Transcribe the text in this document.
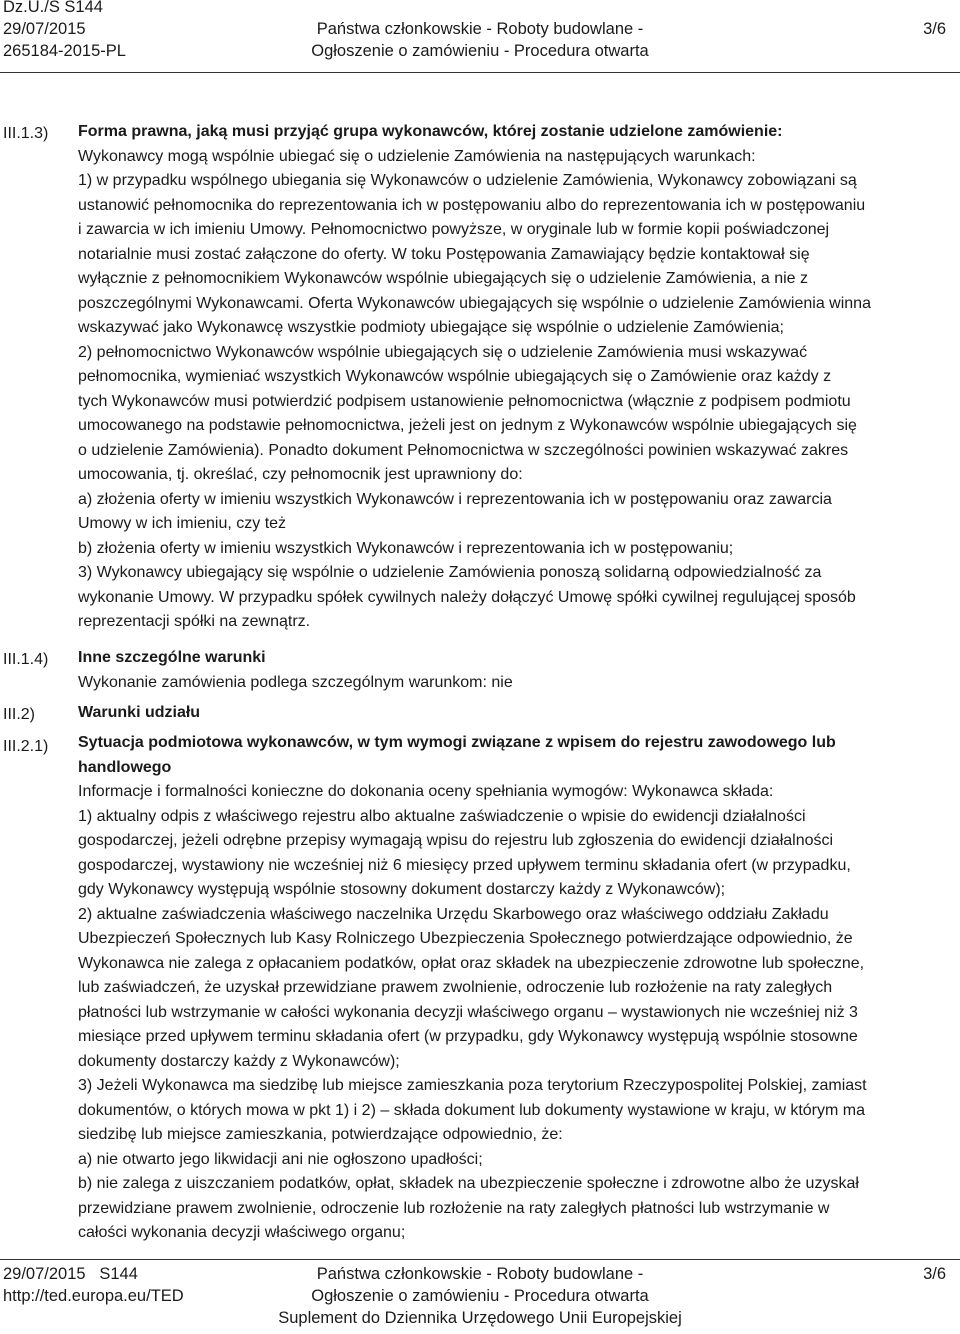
Dz.U./S S144
29/07/2015
265184-2015-PL
Państwa członkowskie - Roboty budowlane -
Ogłoszenie o zamówieniu - Procedura otwarta
3/6
III.1.3) Forma prawna, jaką musi przyjąć grupa wykonawców, której zostanie udzielone zamówienie:

Wykonawcy mogą wspólnie ubiegać się o udzielenie Zamówienia na następujących warunkach:

1) w przypadku wspólnego ubiegania się Wykonawców o udzielenie Zamówienia, Wykonawcy zobowiązani są

ustanowić pełnomocnika do reprezentowania ich w postępowaniu albo do reprezentowania ich w postępowaniu

i zawarcia w ich imieniu Umowy. Pełnomocnictwo powyższe, w oryginale lub w formie kopii poświadczonej

notarialnie musi zostać załączone do oferty. W toku Postępowania Zamawiający będzie kontaktował się

wyłącznie z pełnomocnikiem Wykonawców wspólnie ubiegających się o udzielenie Zamówienia, a nie z

poszczególnymi Wykonawcami. Oferta Wykonawców ubiegających się wspólnie o udzielenie Zamówienia winna

wskazywać jako Wykonawcę wszystkie podmioty ubiegające się wspólnie o udzielenie Zamówienia;

2) pełnomocnictwo Wykonawców wspólnie ubiegających się o udzielenie Zamówienia musi wskazywać

pełnomocnika, wymieniać wszystkich Wykonawców wspólnie ubiegających się o Zamówienie oraz każdy z

tych Wykonawców musi potwierdzić podpisem ustanowienie pełnomocnictwa (włącznie z podpisem podmiotu

umocowanego na podstawie pełnomocnictwa, jeżeli jest on jednym z Wykonawców wspólnie ubiegających się

o udzielenie Zamówienia). Ponadto dokument Pełnomocnictwa w szczególności powinien wskazywać zakres

umocowania, tj. określać, czy pełnomocnik jest uprawniony do:

a) złożenia oferty w imieniu wszystkich Wykonawców i reprezentowania ich w postępowaniu oraz zawarcia

Umowy w ich imieniu, czy też

b) złożenia oferty w imieniu wszystkich Wykonawców i reprezentowania ich w postępowaniu;

3) Wykonawcy ubiegający się wspólnie o udzielenie Zamówienia ponoszą solidarną odpowiedzialność za

wykonanie Umowy. W przypadku spółek cywilnych należy dołączyć Umowę spółki cywilnej regulującej sposób

reprezentacji spółki na zewnątrz.

III.1.4) Inne szczególne warunki

Wykonanie zamówienia podlega szczególnym warunkom: nie

III.2)	Warunki udziału

III.2.1) Sytuacja podmiotowa wykonawców, w tym wymogi związane z wpisem do rejestru zawodowego lub

handlowego

Informacje i formalności konieczne do dokonania oceny spełniania wymogów: Wykonawca składa:

1) aktualny odpis z właściwego rejestru albo aktualne zaświadczenie o wpisie do ewidencji działalności

gospodarczej, jeżeli odrębne przepisy wymagają wpisu do rejestru lub zgłoszenia do ewidencji działalności

gospodarczej, wystawiony nie wcześniej niż 6 miesięcy przed upływem terminu składania ofert (w przypadku,

gdy Wykonawcy występują wspólnie stosowny dokument dostarczy każdy z Wykonawców);

2) aktualne zaświadczenia właściwego naczelnika Urzędu Skarbowego oraz właściwego oddziału Zakładu

Ubezpieczeń Społecznych lub Kasy Rolniczego Ubezpieczenia Społecznego potwierdzające odpowiednio, że

Wykonawca nie zalega z opłacaniem podatków, opłat oraz składek na ubezpieczenie zdrowotne lub społeczne,

lub zaświadczeń, że uzyskał przewidziane prawem zwolnienie, odroczenie lub rozłożenie na raty zaległych

płatności lub wstrzymanie w całości wykonania decyzji właściwego organu – wystawionych nie wcześniej niż 3

miesiące przed upływem terminu składania ofert (w przypadku, gdy Wykonawcy występują wspólnie stosowne

dokumenty dostarczy każdy z Wykonawców);

3) Jeżeli Wykonawca ma siedzibę lub miejsce zamieszkania poza terytorium Rzeczypospolitej Polskiej, zamiast

dokumentów, o których mowa w pkt 1) i 2) – składa dokument lub dokumenty wystawione w kraju, w którym ma

siedzibę lub miejsce zamieszkania, potwierdzające odpowiednio, że:

a) nie otwarto jego likwidacji ani nie ogłoszono upadłości;

b) nie zalega z uiszczaniem podatków, opłat, składek na ubezpieczenie społeczne i zdrowotne albo że uzyskał

przewidziane prawem zwolnienie, odroczenie lub rozłożenie na raty zaległych płatności lub wstrzymanie w

całości wykonania decyzji właściwego organu;

29/07/2015 S144
http://ted.europa.eu/TED
Państwa członkowskie - Roboty budowlane -
Ogłoszenie o zamówieniu - Procedura otwarta
Suplement do Dziennika Urzędowego Unii Europejskiej
3/6
